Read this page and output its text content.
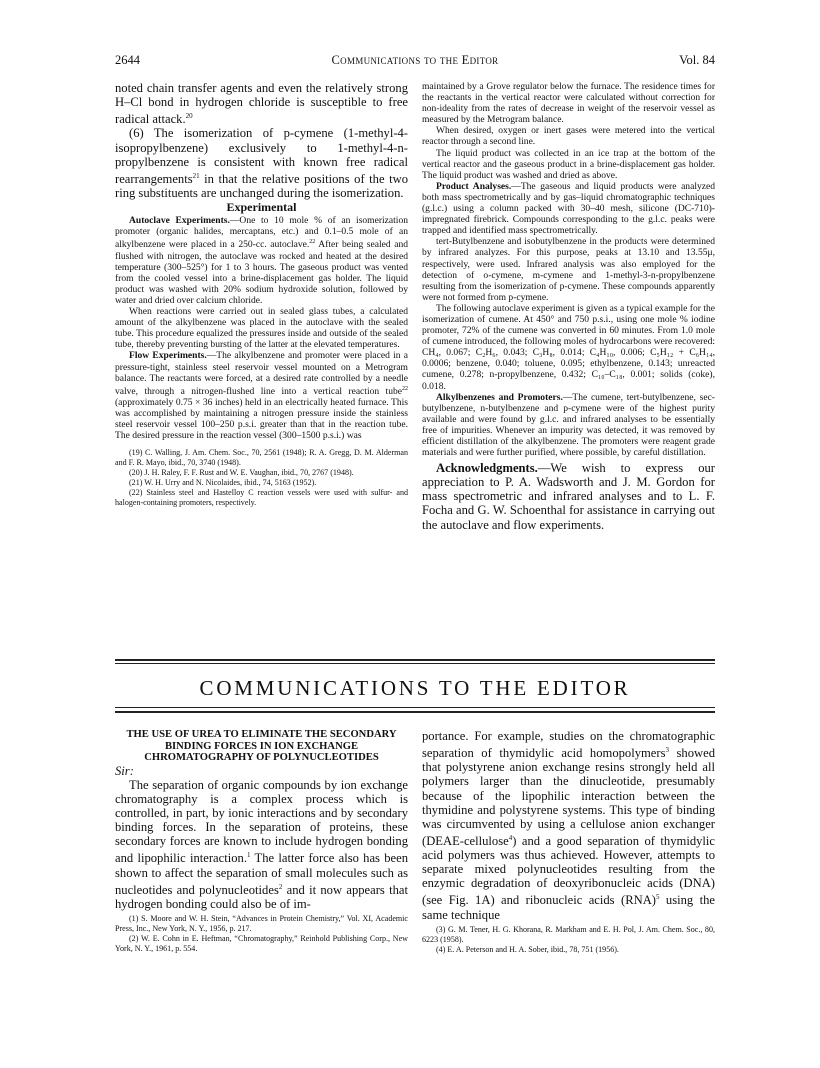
2644	Communications to the Editor	Vol. 84

noted chain transfer agents and even the relatively strong H–Cl bond in hydrogen chloride is susceptible to free radical attack.$^{20}$

(6) The isomerization of p-cymene (1-methyl-4-isopropylbenzene) exclusively to 1-methyl-4-n-propylbenzene is consistent with known free radical rearrangements$^{21}$ in that the relative positions of the two ring substituents are unchanged during the isomerization.

Experimental

Autoclave Experiments.—One to 10 mole % of an isomerization promoter (organic halides, mercaptans, etc.) and 0.1–0.5 mole of an alkylbenzene were placed in a 250-cc. autoclave.$^{22}$ After being sealed and flushed with nitrogen, the autoclave was rocked and heated at the desired temperature (300–525°) for 1 to 3 hours. The gaseous product was vented from the cooled vessel into a brine-displacement gas holder. The liquid product was washed with 20% sodium hydroxide solution, followed by water and dried over calcium chloride.

When reactions were carried out in sealed glass tubes, a calculated amount of the alkylbenzene was placed in the autoclave with the sealed tube. This procedure equalized the pressures inside and outside of the sealed tube, thereby preventing bursting of the latter at the elevated temperatures.

Flow Experiments.—The alkylbenzene and promoter were placed in a pressure-tight, stainless steel reservoir vessel mounted on a Metrogram balance. The reactants were forced, at a desired rate controlled by a needle valve, through a nitrogen-flushed line into a vertical reaction tube$^{22}$ (approximately 0.75 × 36 inches) held in an electrically heated furnace. This was accomplished by maintaining a nitrogen pressure inside the stainless steel reservoir vessel 100–250 p.s.i. greater than that in the reaction tube. The desired pressure in the reaction vessel (300–1500 p.s.i.) was

(19) C. Walling, J. Am. Chem. Soc., 70, 2561 (1948); R. A. Gregg, D. M. Alderman and F. R. Mayo, ibid., 70, 3740 (1948).

(20) J. H. Raley, F. F. Rust and W. E. Vaughan, ibid., 70, 2767 (1948).

(21) W. H. Urry and N. Nicolaides, ibid., 74, 5163 (1952).

(22) Stainless steel and Hastelloy C reaction vessels were used with sulfur- and halogen-containing promoters, respectively.

maintained by a Grove regulator below the furnace. The residence times for the reactants in the vertical reactor were calculated without correction for non-ideality from the rates of decrease in weight of the reservoir vessel as measured by the Metrogram balance.

When desired, oxygen or inert gases were metered into the vertical reactor through a second line.

The liquid product was collected in an ice trap at the bottom of the vertical reactor and the gaseous product in a brine-displacement gas holder. The liquid product was washed and dried as above.

Product Analyses.—The gaseous and liquid products were analyzed both mass spectrometrically and by gas–liquid chromatographic techniques (g.l.c.) using a column packed with 30–40 mesh, silicone (DC-710)-impregnated firebrick. Compounds corresponding to the g.l.c. peaks were trapped and identified mass spectrometrically.

tert-Butylbenzene and isobutylbenzene in the products were determined by infrared analyzes. For this purpose, peaks at 13.10 and 13.55μ, respectively, were used. Infrared analysis was also employed for the detection of o-cymene, m-cymene and 1-methyl-3-n-propylbenzene resulting from the isomerization of p-cymene. These compounds apparently were not formed from p-cymene.

The following autoclave experiment is given as a typical example for the isomerization of cumene. At 450° and 750 p.s.i., using one mole % iodine promoter, 72% of the cumene was converted in 60 minutes. From 1.0 mole of cumene introduced, the following moles of hydrocarbons were recovered: CH₄, 0.067; C₂H₆, 0.043; C₃H₈, 0.014; C₄H₁₀, 0.006; C₅H₁₂ + C₆H₁₄, 0.0006; benzene, 0.040; toluene, 0.095; ethylbenzene, 0.143; unreacted cumene, 0.278; n-propylbenzene, 0.432; C₁₀–C₁₈, 0.001; solids (coke), 0.018.

Alkylbenzenes and Promoters.—The cumene, tert-butylbenzene, sec-butylbenzene, n-butylbenzene and p-cymene were of the highest purity available and were found by g.l.c. and infrared analyses to be essentially free of impurities. Whenever an impurity was detected, it was removed by efficient distillation of the alkylbenzene. The promoters were reagent grade materials and were further purified, where possible, by careful distillation.

Acknowledgments.—We wish to express our appreciation to P. A. Wadsworth and J. M. Gordon for mass spectrometric and infrared analyses and to L. F. Focha and G. W. Schoenthal for assistance in carrying out the autoclave and flow experiments.

COMMUNICATIONS TO THE EDITOR

THE USE OF UREA TO ELIMINATE THE SECONDARY BINDING FORCES IN ION EXCHANGE CHROMATOGRAPHY OF POLYNUCLEOTIDES

Sir:

The separation of organic compounds by ion exchange chromatography is a complex process which is controlled, in part, by ionic interactions and by secondary binding forces. In the separation of proteins, these secondary forces are known to include hydrogen bonding and lipophilic interaction.$^1$ The latter force also has been shown to affect the separation of small molecules such as nucleotides and polynucleotides$^2$ and it now appears that hydrogen bonding could also be of im-

(1) S. Moore and W. H. Stein, “Advances in Protein Chemistry,” Vol. XI, Academic Press, Inc., New York, N. Y., 1956, p. 217.

(2) W. E. Cohn in E. Heftman, “Chromatography,” Reinhold Publishing Corp., New York, N. Y., 1961, p. 554.

portance. For example, studies on the chromatographic separation of thymidylic acid homopolymers$^3$ showed that polystyrene anion exchange resins strongly held all polymers larger than the dinucleotide, presumably because of the lipophilic interaction between the thymidine and polystyrene systems. This type of binding was circumvented by using a cellulose anion exchanger (DEAE-cellulose$^4$) and a good separation of thymidylic acid polymers was thus achieved. However, attempts to separate mixed polynucleotides resulting from the enzymic degradation of deoxyribonucleic acids (DNA) (see Fig. 1A) and ribonucleic acids (RNA)$^5$ using the same technique

(3) G. M. Tener, H. G. Khorana, R. Markham and E. H. Pol, J. Am. Chem. Soc., 80, 6223 (1958).

(4) E. A. Peterson and H. A. Sober, ibid., 78, 751 (1956).
